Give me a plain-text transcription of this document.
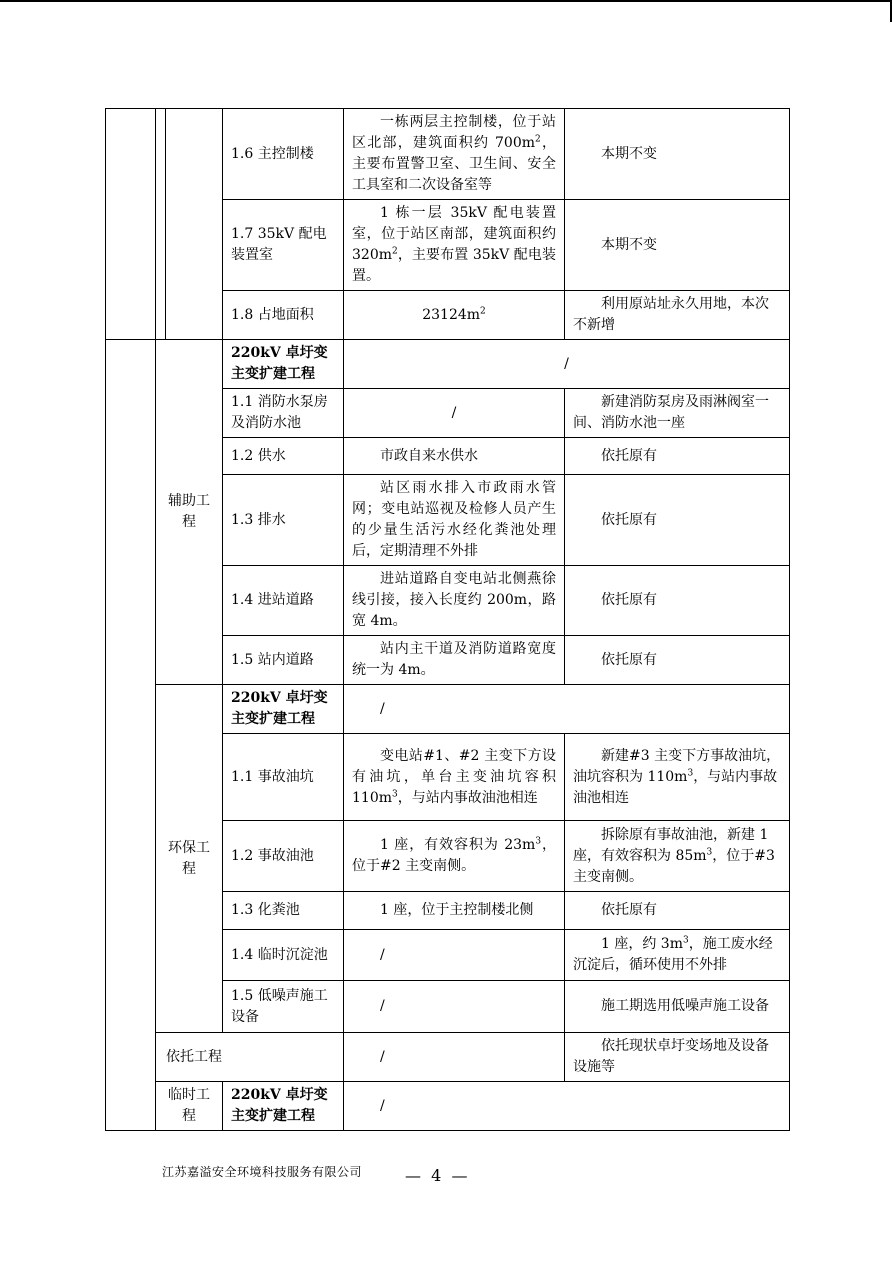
			1.6 主控制楼	一栋两层主控制楼，位于站区北部，建筑面积约 $700m^2$，主要布置警卫室、卫生间、安全工具室和二次设备室等	本期不变
			1.7 35kV 配电装置室	1 栋一层 35kV 配电装置室，位于站区南部，建筑面积约 $320m^2$，主要布置 35kV 配电装置。	本期不变
			1.8 占地面积	$23124m^2$	利用原站址永久用地，本次不新增
	辅助工程		220kV 卓圩变主变扩建工程	/	
			1.1 消防水泵房及消防水池	/	新建消防泵房及雨淋阀室一间、消防水池一座
			1.2 供水	市政自来水供水	依托原有
			1.3 排水	站区雨水排入市政雨水管网；变电站巡视及检修人员产生的少量生活污水经化粪池处理后，定期清理不外排	依托原有
			1.4 进站道路	进站道路自变电站北侧燕徐线引接，接入长度约 200m，路宽 4m。	依托原有
			1.5 站内道路	站内主干道及消防道路宽度统一为 4m。	依托原有
	环保工程		220kV 卓圩变主变扩建工程	/	
			1.1 事故油坑	变电站#1、#2 主变下方设有油坑，单台主变油坑容积 $110m^3$，与站内事故油池相连	新建#3 主变下方事故油坑，油坑容积为 $110m^3$，与站内事故油池相连
			1.2 事故油池	1 座，有效容积为 $23m^3$，位于#2 主变南侧。	拆除原有事故油池，新建 1 座，有效容积为 $85m^3$，位于#3 主变南侧。
			1.3 化粪池	1 座，位于主控制楼北侧	依托原有
			1.4 临时沉淀池	/	1 座，约 $3m^3$，施工废水经沉淀后，循环使用不外排
			1.5 低噪声施工设备	/	施工期选用低噪声施工设备
	依托工程			/	依托现状卓圩变场地及设备设施等
	临时工程		220kV 卓圩变主变扩建工程	/	
江苏嘉溢安全环境科技服务有限公司	—  4  —
